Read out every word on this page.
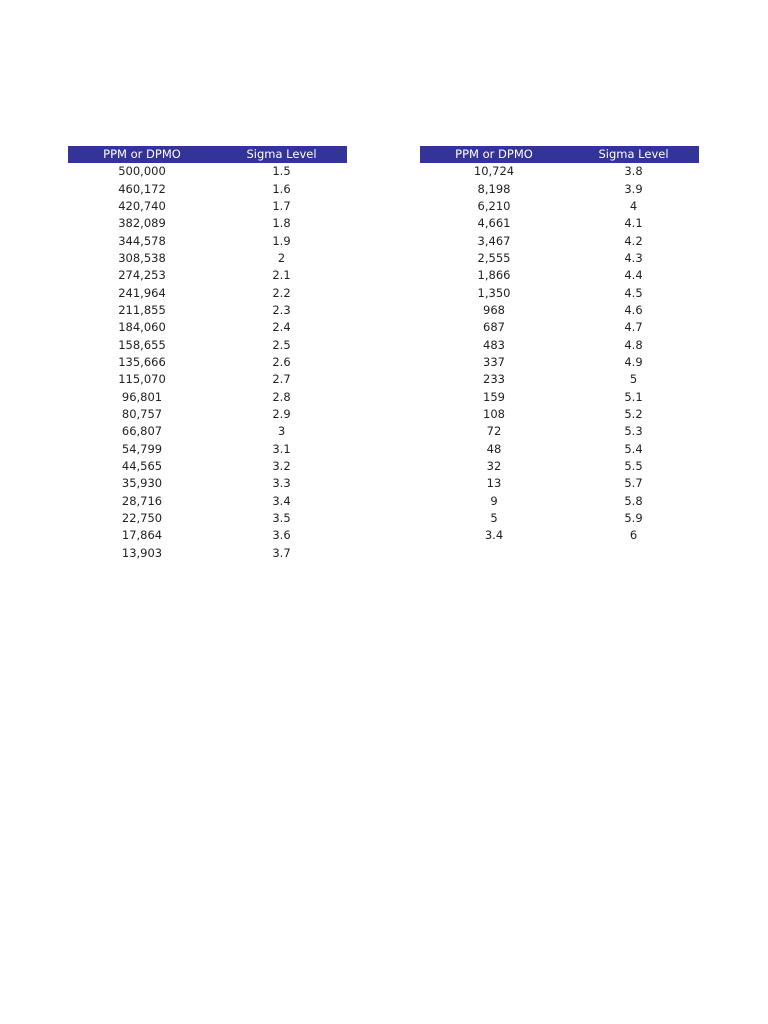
PPM or DPMO	Sigma Level
500,000	1.5
460,172	1.6
420,740	1.7
382,089	1.8
344,578	1.9
308,538	2
274,253	2.1
241,964	2.2
211,855	2.3
184,060	2.4
158,655	2.5
135,666	2.6
115,070	2.7
96,801	2.8
80,757	2.9
66,807	3
54,799	3.1
44,565	3.2
35,930	3.3
28,716	3.4
22,750	3.5
17,864	3.6
13,903	3.7
PPM or DPMO	Sigma Level
10,724	3.8
8,198	3.9
6,210	4
4,661	4.1
3,467	4.2
2,555	4.3
1,866	4.4
1,350	4.5
968	4.6
687	4.7
483	4.8
337	4.9
233	5
159	5.1
108	5.2
72	5.3
48	5.4
32	5.5
13	5.7
9	5.8
5	5.9
3.4	6
